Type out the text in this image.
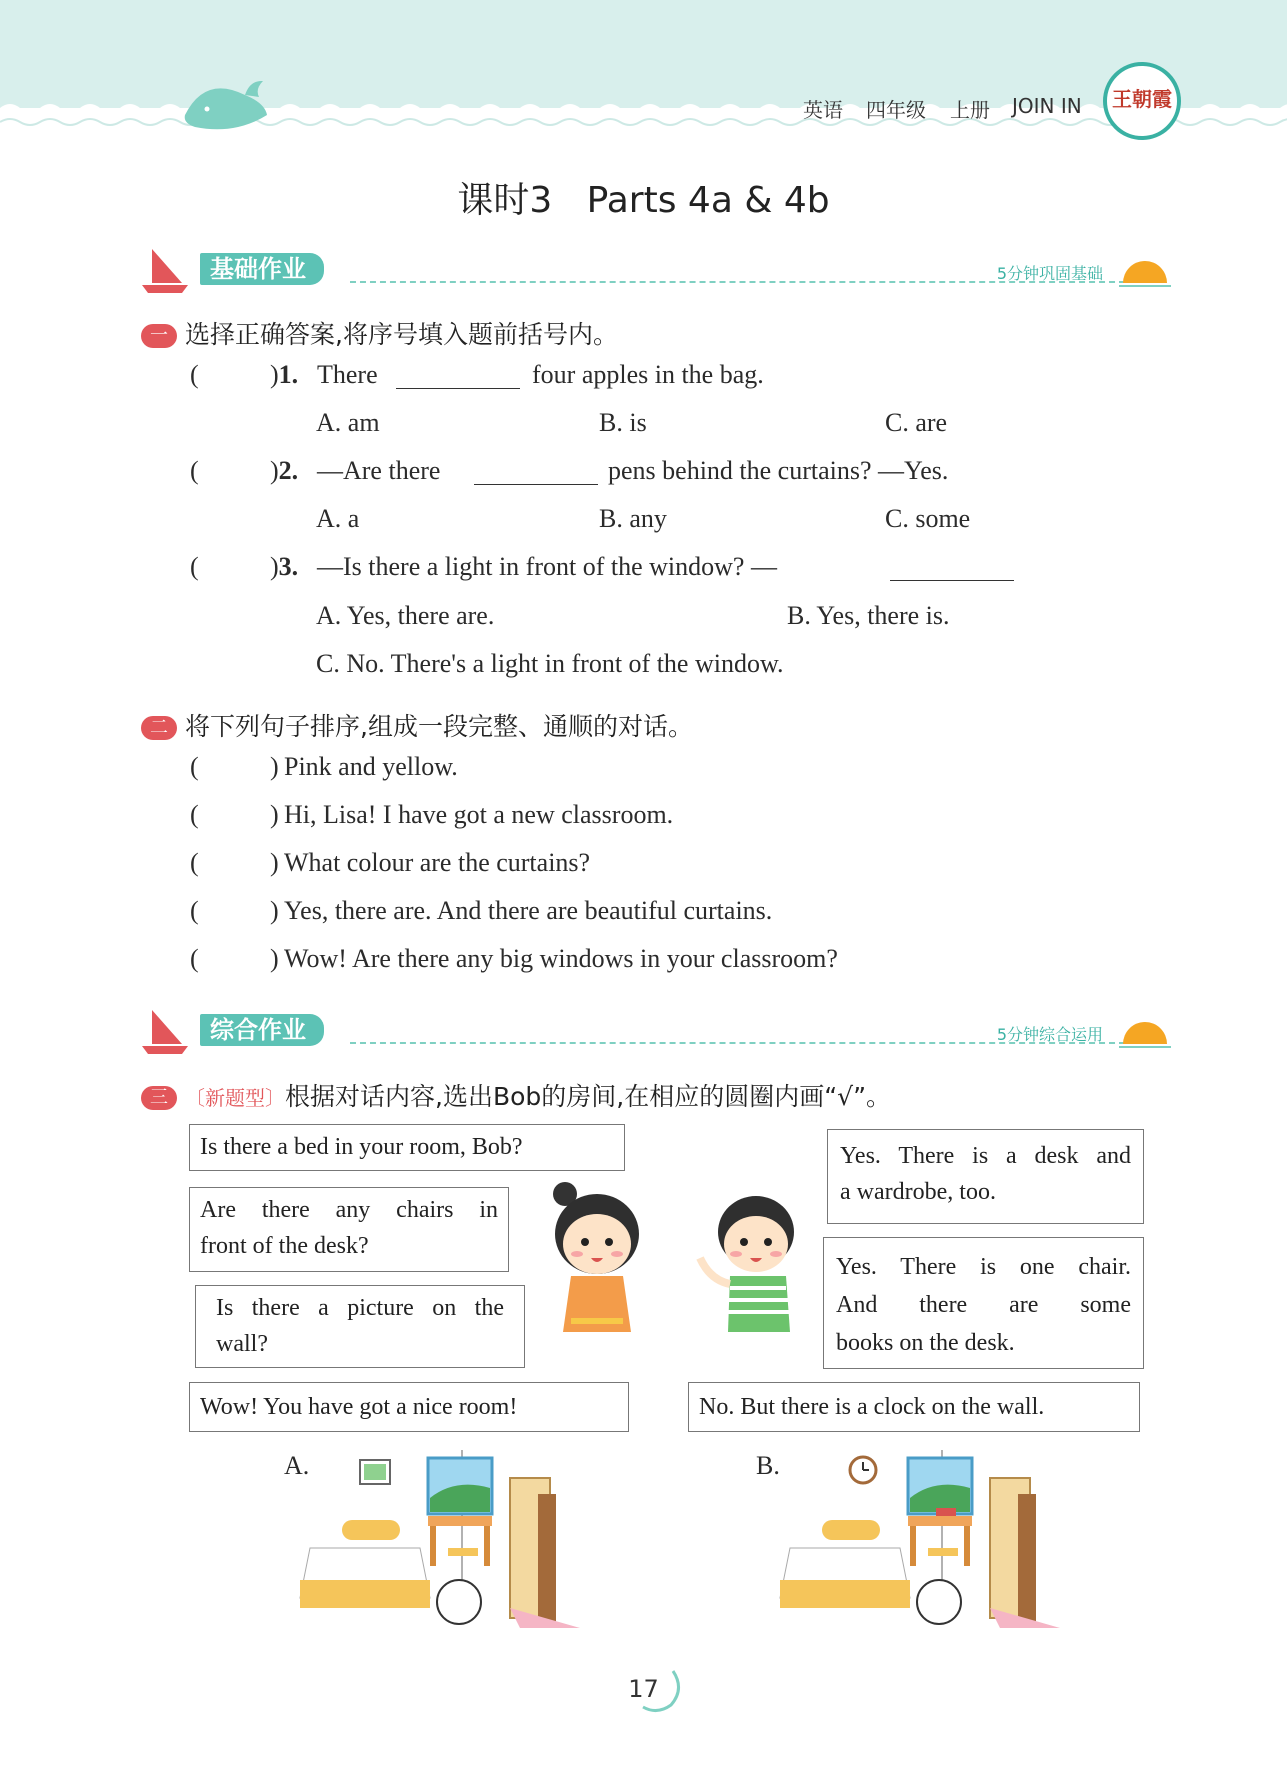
英语 四年级 上册 JOIN IN	王朝霞
课时3   Parts 4a & 4b
基础作业	5分钟巩固基础
一 选择正确答案,将序号填入题前括号内。
(	)1. There	four apples in the bag.
A. am	B. is	C. are
(	)2. —Are there	pens behind the curtains? —Yes.
A. a	B. any	C. some
(	)3. —Is there a light in front of the window? —
A. Yes, there are.	B. Yes, there is.
C. No. There's a light in front of the window.
二 将下列句子排序,组成一段完整、通顺的对话。
(	) Pink and yellow.
(	) Hi, Lisa! I have got a new classroom.
(	) What colour are the curtains?
(	) Yes, there are. And there are beautiful curtains.
(	) Wow! Are there any big windows in your classroom?
综合作业	5分钟综合运用
三 〔新题型〕根据对话内容,选出Bob的房间,在相应的圆圈内画“√”。
Is there a bed in your room, Bob?
Are there any chairs in
front of the desk?
Is there a picture on the
wall?
Wow! You have got a nice room!
Yes. There is a desk and
a wardrobe, too.
Yes. There is one chair.
And there are some
books on the desk.
No. But there is a clock on the wall.
A.	B.
17
